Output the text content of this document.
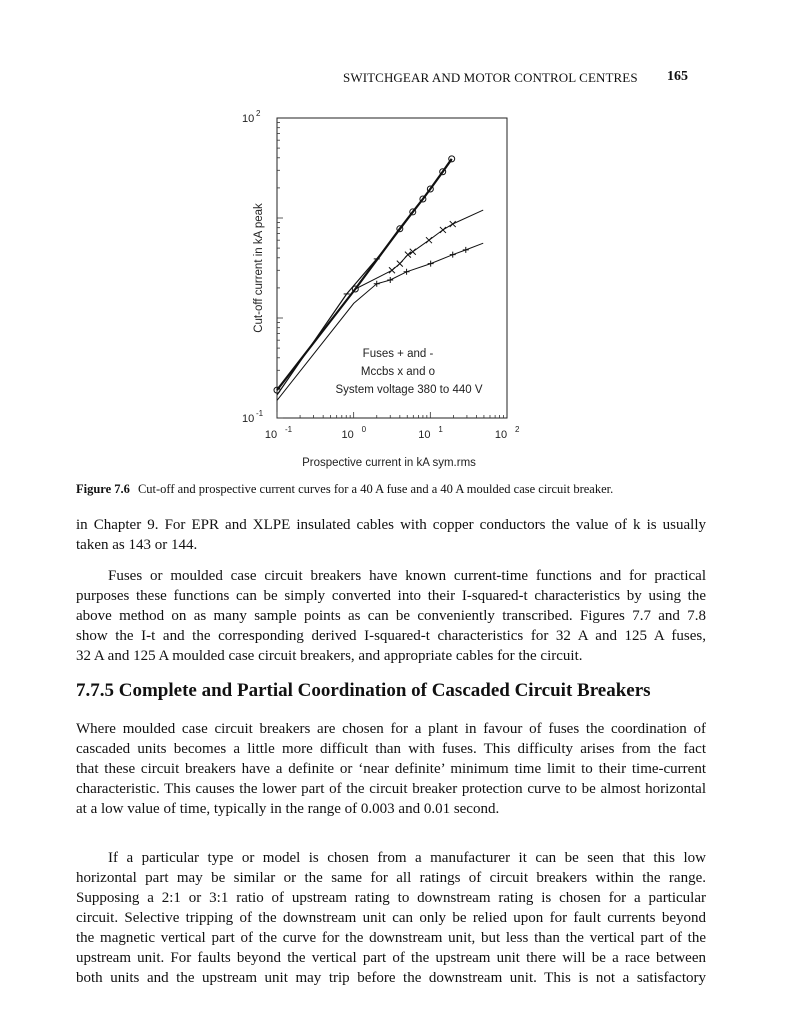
SWITCHGEAR AND MOTOR CONTROL CENTRES 165
10 -1	10 0	10 1	10 2
10 2
10 -1
Prospective current in kA sym.rms
Cut-off current in kA peak
Fuses + and -
Mccbs x and o
System voltage 380 to 440 V
Figure 7.6 Cut-off and prospective current curves for a 40 A fuse and a 40 A moulded case circuit breaker.
in Chapter 9. For EPR and XLPE insulated cables with copper conductors the value of k is usually
taken as 143 or 144.
Fuses or moulded case circuit breakers have known current-time functions and for practical
purposes these functions can be simply converted into their I-squared-t characteristics by using the
above method on as many sample points as can be conveniently transcribed. Figures 7.7 and 7.8
show the I-t and the corresponding derived I-squared-t characteristics for 32 A and 125 A fuses,
32 A and 125 A moulded case circuit breakers, and appropriate cables for the circuit.
7.7.5 Complete and Partial Coordination of Cascaded Circuit Breakers
Where moulded case circuit breakers are chosen for a plant in favour of fuses the coordination of
cascaded units becomes a little more difficult than with fuses. This difficulty arises from the fact
that these circuit breakers have a definite or ‘near definite’ minimum time limit to their time-current
characteristic. This causes the lower part of the circuit breaker protection curve to be almost horizontal
at a low value of time, typically in the range of 0.003 and 0.01 second.
If a particular type or model is chosen from a manufacturer it can be seen that this low
horizontal part may be similar or the same for all ratings of circuit breakers within the range.
Supposing a 2:1 or 3:1 ratio of upstream rating to downstream rating is chosen for a particular
circuit. Selective tripping of the downstream unit can only be relied upon for fault currents beyond
the magnetic vertical part of the curve for the downstream unit, but less than the vertical part of the
upstream unit. For faults beyond the vertical part of the upstream unit there will be a race between
both units and the upstream unit may trip before the downstream unit. This is not a satisfactory
